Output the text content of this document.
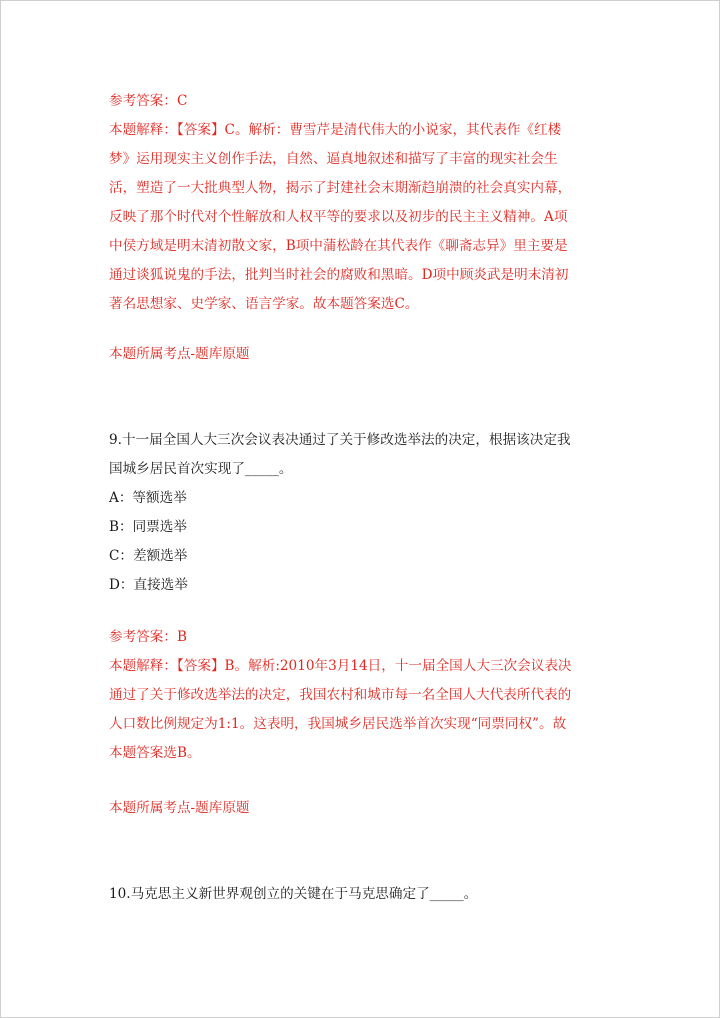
参考答案：C
本题解释：【答案】C。解析：曹雪芹是清代伟大的小说家，其代表作《红楼
梦》运用现实主义创作手法，自然、逼真地叙述和描写了丰富的现实社会生
活，塑造了一大批典型人物，揭示了封建社会末期渐趋崩溃的社会真实内幕，
反映了那个时代对个性解放和人权平等的要求以及初步的民主主义精神。A项
中侯方域是明末清初散文家，B项中蒲松龄在其代表作《聊斋志异》里主要是
通过谈狐说鬼的手法，批判当时社会的腐败和黑暗。D项中顾炎武是明末清初
著名思想家、史学家、语言学家。故本题答案选C。
本题所属考点-题库原题
9.十一届全国人大三次会议表决通过了关于修改选举法的决定，根据该决定我
国城乡居民首次实现了_____。
A：等额选举
B：同票选举
C：差额选举
D：直接选举
参考答案：B
本题解释：【答案】B。解析:2010年3月14日，十一届全国人大三次会议表决
通过了关于修改选举法的决定，我国农村和城市每一名全国人大代表所代表的
人口数比例规定为1:1。这表明，我国城乡居民选举首次实现“同票同权”。故
本题答案选B。
本题所属考点-题库原题
10.马克思主义新世界观创立的关键在于马克思确定了_____。
